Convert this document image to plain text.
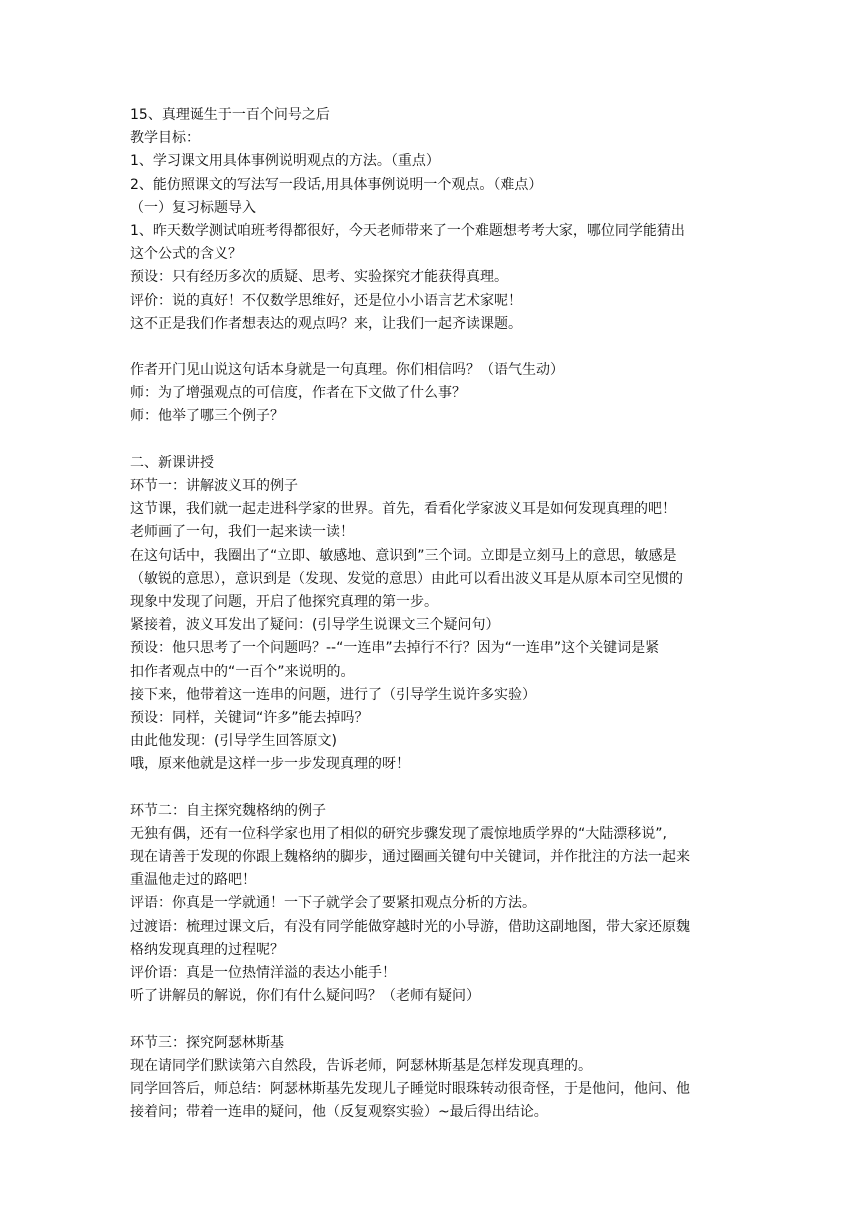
15、真理诞生于一百个问号之后
教学目标：
1、学习课文用具体事例说明观点的方法。（重点）
2、能仿照课文的写法写一段话,用具体事例说明一个观点。（难点）
（一）复习标题导入
1、昨天数学测试咱班考得都很好，今天老师带来了一个难题想考考大家，哪位同学能猜出
这个公式的含义？
预设：只有经历多次的质疑、思考、实验探究才能获得真理。
评价：说的真好！不仅数学思维好，还是位小小语言艺术家呢！
这不正是我们作者想表达的观点吗？来，让我们一起齐读课题。
作者开门见山说这句话本身就是一句真理。你们相信吗？（语气生动）
师：为了增强观点的可信度，作者在下文做了什么事？
师：他举了哪三个例子？
二、新课讲授
环节一：讲解波义耳的例子
这节课，我们就一起走进科学家的世界。首先，看看化学家波义耳是如何发现真理的吧！
老师画了一句，我们一起来读一读！
在这句话中，我圈出了“立即、敏感地、意识到”三个词。立即是立刻马上的意思，敏感是
（敏锐的意思），意识到是（发现、发觉的意思）由此可以看出波义耳是从原本司空见惯的
现象中发现了问题，开启了他探究真理的第一步。
紧接着，波义耳发出了疑问：(引导学生说课文三个疑问句）
预设：他只思考了一个问题吗？--“一连串”去掉行不行？因为“一连串”这个关键词是紧
扣作者观点中的“一百个”来说明的。
接下来，他带着这一连串的问题，进行了（引导学生说许多实验）
预设：同样，关键词“许多”能去掉吗？
由此他发现：(引导学生回答原文)
哦，原来他就是这样一步一步发现真理的呀！
环节二：自主探究魏格纳的例子
无独有偶，还有一位科学家也用了相似的研究步骤发现了震惊地质学界的“大陆漂移说”,
现在请善于发现的你跟上魏格纳的脚步，通过圈画关键句中关键词，并作批注的方法一起来
重温他走过的路吧！
评语：你真是一学就通！一下子就学会了要紧扣观点分析的方法。
过渡语：梳理过课文后，有没有同学能做穿越时光的小导游，借助这副地图，带大家还原魏
格纳发现真理的过程呢？
评价语：真是一位热情洋溢的表达小能手！
听了讲解员的解说，你们有什么疑问吗？（老师有疑问）
环节三：探究阿瑟林斯基
现在请同学们默读第六自然段，告诉老师，阿瑟林斯基是怎样发现真理的。
同学回答后，师总结：阿瑟林斯基先发现儿子睡觉时眼珠转动很奇怪，于是他问，他问、他
接着问；带着一连串的疑问，他（反复观察实验）~最后得出结论。
